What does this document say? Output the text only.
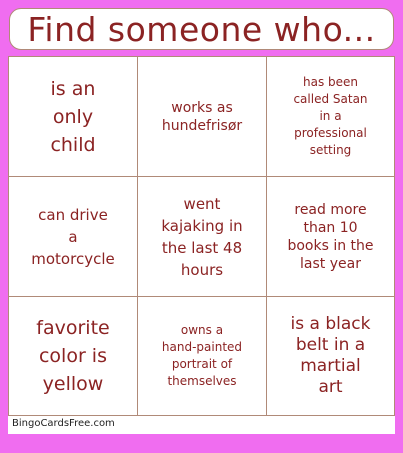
Find someone who...
is an
only
child
works as
hundefrisør
has been
called Satan
in a
professional
setting
can drive
a
motorcycle
went
kajaking in
the last 48
hours
read more
than 10
books in the
last year
favorite
color is
yellow
owns a
hand-painted
portrait of
themselves
is a black
belt in a
martial
art
BingoCardsFree.com
